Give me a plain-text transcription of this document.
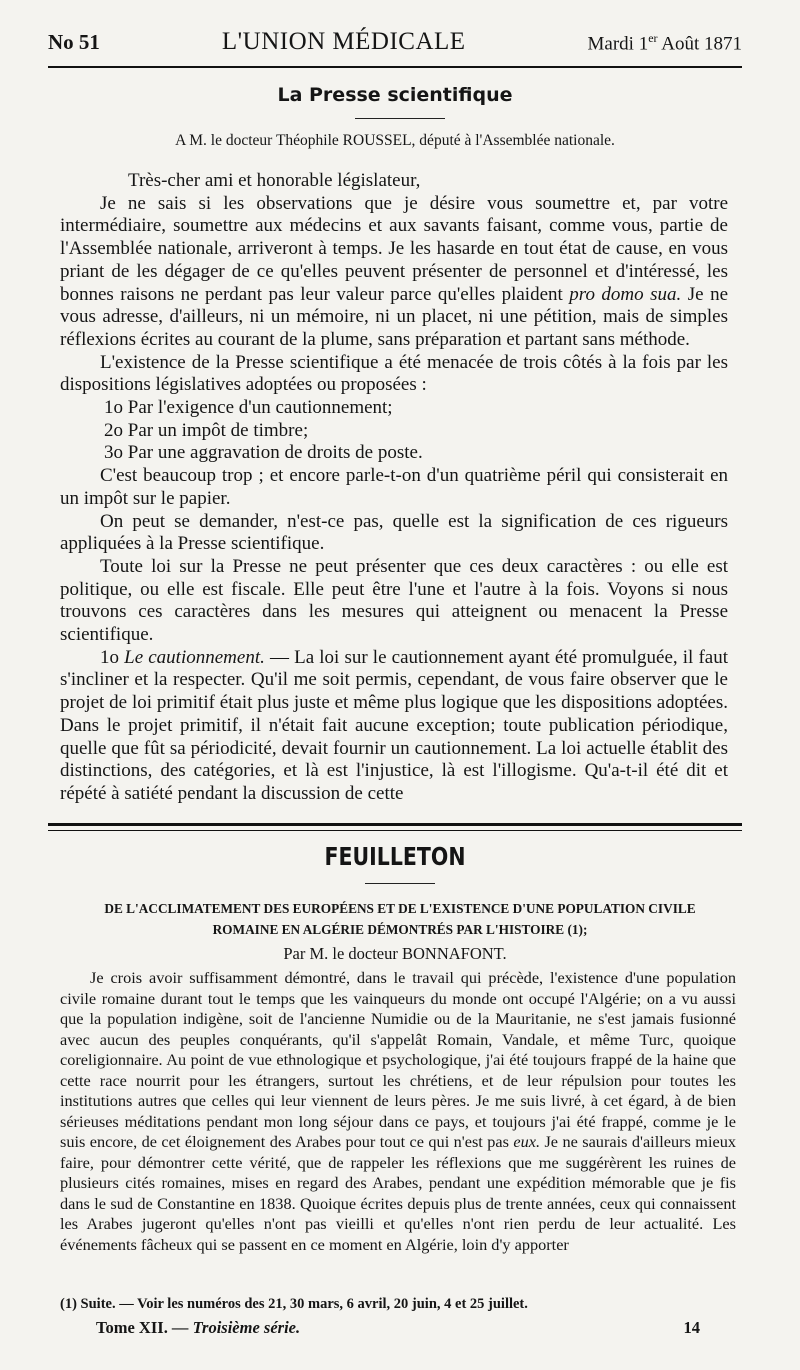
No 51	L'UNION MÉDICALE	Mardi 1er Août 1871
La Presse scientifique
A M. le docteur Théophile ROUSSEL, député à l'Assemblée nationale.

Très-cher ami et honorable législateur,

Je ne sais si les observations que je désire vous soumettre et, par votre intermédiaire, soumettre aux médecins et aux savants faisant, comme vous, partie de l'Assemblée nationale, arriveront à temps. Je les hasarde en tout état de cause, en vous priant de les dégager de ce qu'elles peuvent présenter de personnel et d'intéressé, les bonnes raisons ne perdant pas leur valeur parce qu'elles plaident pro domo sua. Je ne vous adresse, d'ailleurs, ni un mémoire, ni un placet, ni une pétition, mais de simples réflexions écrites au courant de la plume, sans préparation et partant sans méthode.

L'existence de la Presse scientifique a été menacée de trois côtés à la fois par les dispositions législatives adoptées ou proposées :

1o Par l'exigence d'un cautionnement;

2o Par un impôt de timbre;

3o Par une aggravation de droits de poste.

C'est beaucoup trop ; et encore parle-t-on d'un quatrième péril qui consisterait en un impôt sur le papier.

On peut se demander, n'est-ce pas, quelle est la signification de ces rigueurs appliquées à la Presse scientifique.

Toute loi sur la Presse ne peut présenter que ces deux caractères : ou elle est politique, ou elle est fiscale. Elle peut être l'une et l'autre à la fois. Voyons si nous trouvons ces caractères dans les mesures qui atteignent ou menacent la Presse scientifique.

1o Le cautionnement. — La loi sur le cautionnement ayant été promulguée, il faut s'incliner et la respecter. Qu'il me soit permis, cependant, de vous faire observer que le projet de loi primitif était plus juste et même plus logique que les dispositions adoptées. Dans le projet primitif, il n'était fait aucune exception; toute publication périodique, quelle que fût sa périodicité, devait fournir un cautionnement. La loi actuelle établit des distinctions, des catégories, et là est l'injustice, là est l'illogisme. Qu'a-t-il été dit et répété à satiété pendant la discussion de cette

FEUILLETON
DE L'ACCLIMATEMENT DES EUROPÉENS ET DE L'EXISTENCE D'UNE POPULATION CIVILE
ROMAINE EN ALGÉRIE DÉMONTRÉS PAR L'HISTOIRE (1);
Par M. le docteur BONNAFONT.

Je crois avoir suffisamment démontré, dans le travail qui précède, l'existence d'une population civile romaine durant tout le temps que les vainqueurs du monde ont occupé l'Algérie; on a vu aussi que la population indigène, soit de l'ancienne Numidie ou de la Mauritanie, ne s'est jamais fusionné avec aucun des peuples conquérants, qu'il s'appelât Romain, Vandale, et même Turc, quoique coreligionnaire. Au point de vue ethnologique et psychologique, j'ai été toujours frappé de la haine que cette race nourrit pour les étrangers, surtout les chrétiens, et de leur répulsion pour toutes les institutions autres que celles qui leur viennent de leurs pères. Je me suis livré, à cet égard, à de bien sérieuses méditations pendant mon long séjour dans ce pays, et toujours j'ai été frappé, comme je le suis encore, de cet éloignement des Arabes pour tout ce qui n'est pas eux. Je ne saurais d'ailleurs mieux faire, pour démontrer cette vérité, que de rappeler les réflexions que me suggérèrent les ruines de plusieurs cités romaines, mises en regard des Arabes, pendant une expédition mémorable que je fis dans le sud de Constantine en 1838. Quoique écrites depuis plus de trente années, ceux qui connaissent les Arabes jugeront qu'elles n'ont pas vieilli et qu'elles n'ont rien perdu de leur actualité. Les événements fâcheux qui se passent en ce moment en Algérie, loin d'y apporter

(1) Suite. — Voir les numéros des 21, 30 mars, 6 avril, 20 juin, 4 et 25 juillet.
Tome XII. — Troisième série.	14
